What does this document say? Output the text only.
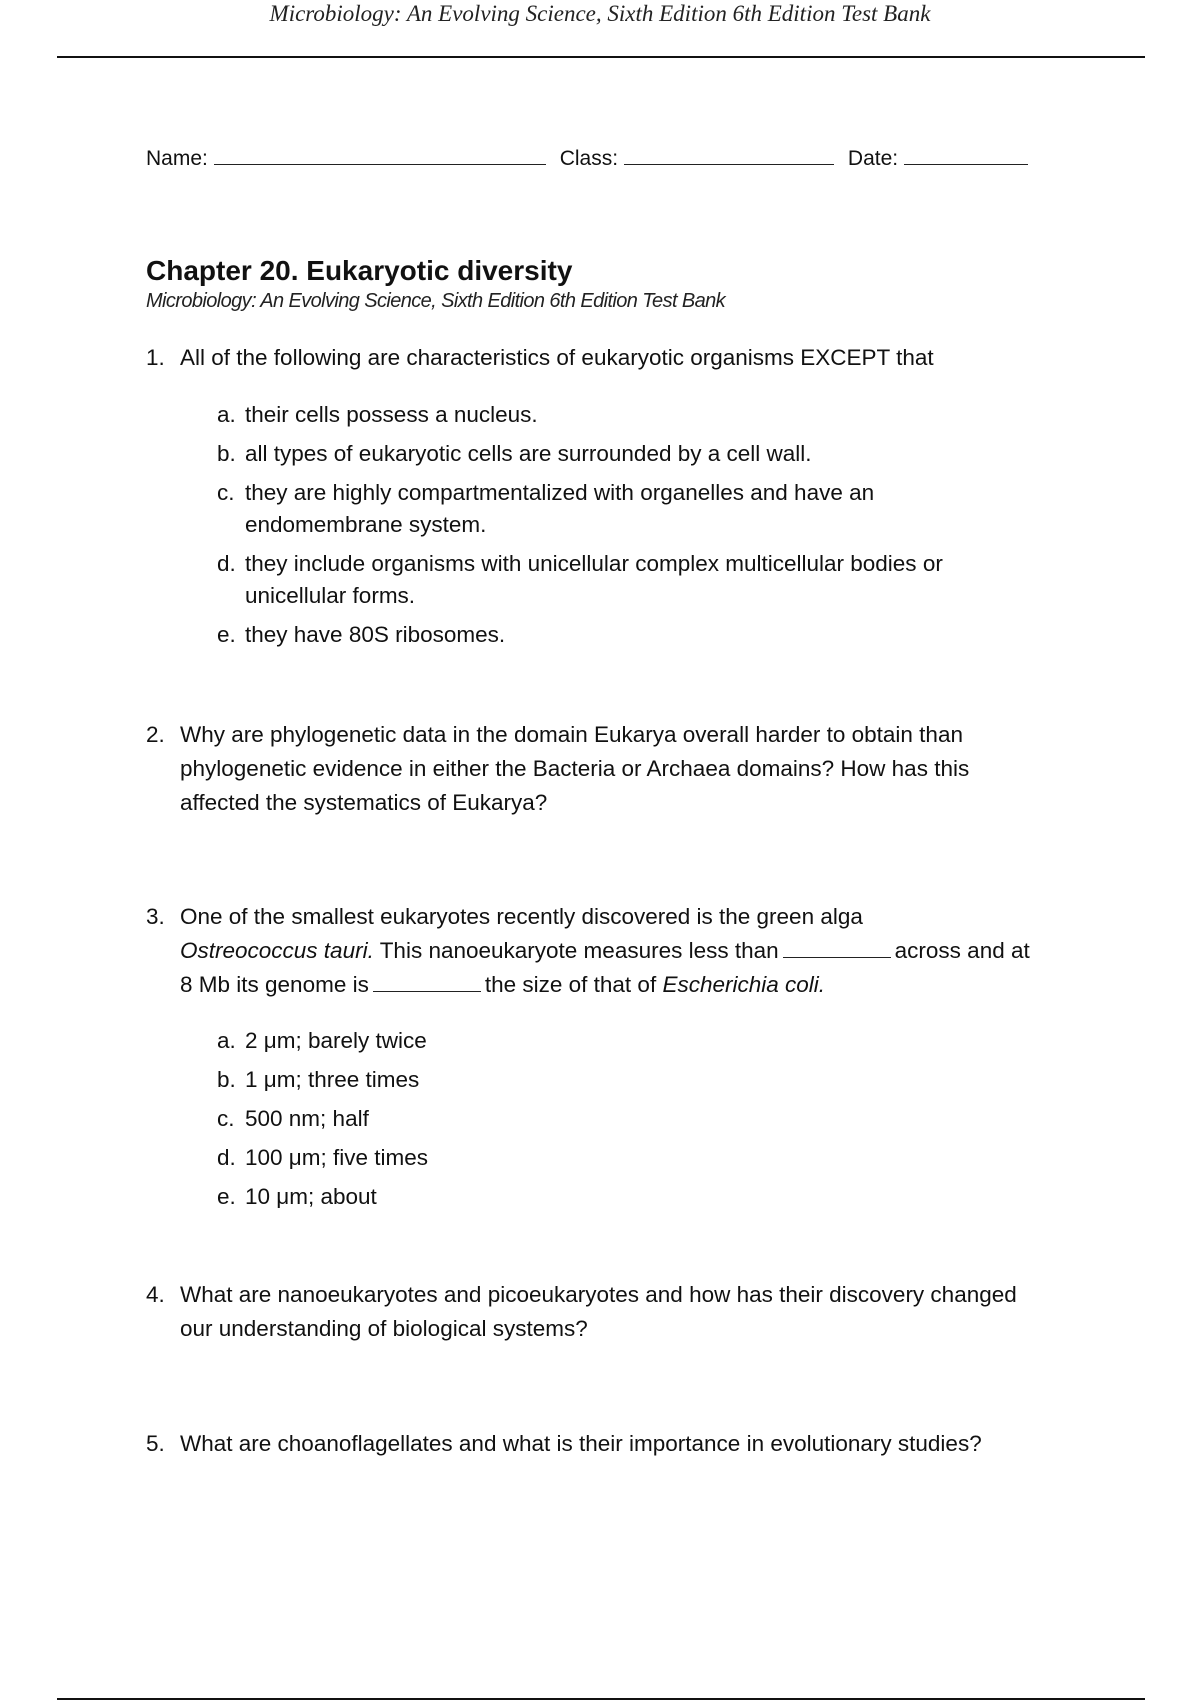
Microbiology: An Evolving Science, Sixth Edition 6th Edition Test Bank
Name:	Class:	Date:
Chapter 20. Eukaryotic diversity
Microbiology: An Evolving Science, Sixth Edition 6th Edition Test Bank
1. All of the following are characteristics of eukaryotic organisms EXCEPT that
a. their cells possess a nucleus.
b. all types of eukaryotic cells are surrounded by a cell wall.
c. they are highly compartmentalized with organelles and have an endomembrane system.
d. they include organisms with unicellular complex multicellular bodies or unicellular forms.
e. they have 80S ribosomes.
2. Why are phylogenetic data in the domain Eukarya overall harder to obtain than phylogenetic evidence in either the Bacteria or Archaea domains? How has this affected the systematics of Eukarya?
3. One of the smallest eukaryotes recently discovered is the green alga
Ostreococcus tauri. This nanoeukaryote measures less than	across and at 8 Mb its genome is	the size of that of Escherichia coli.
a. 2 μm; barely twice
b. 1 μm; three times
c. 500 nm; half
d. 100 μm; five times
e. 10 μm; about
4. What are nanoeukaryotes and picoeukaryotes and how has their discovery changed our understanding of biological systems?
5. What are choanoflagellates and what is their importance in evolutionary studies?
